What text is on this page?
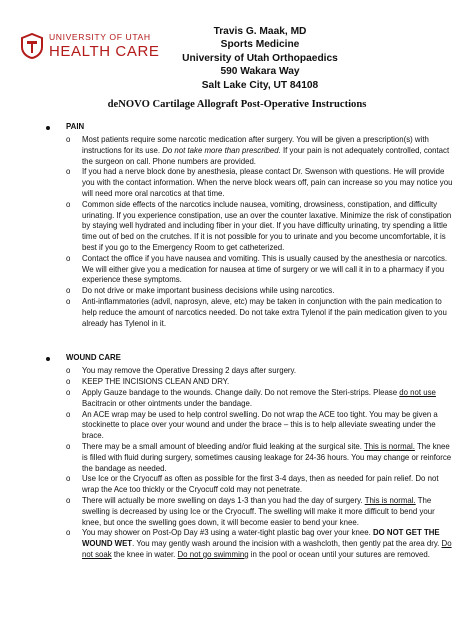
UNIVERSITY OF UTAH
HEALTH CARE
Travis G. Maak, MD
Sports Medicine
University of Utah Orthopaedics
590 Wakara Way
Salt Lake City, UT 84108
deNOVO Cartilage Allograft Post-Operative Instructions
PAIN
o Most patients require some narcotic medication after surgery. You will be given a prescription(s) with instructions for its use. Do not take more than prescribed. If your pain is not adequately controlled, contact the surgeon on call. Phone numbers are provided.
o If you had a nerve block done by anesthesia, please contact Dr. Swenson with questions. He will provide you with the contact information. When the nerve block wears off, pain can increase so you may notice you will need more oral narcotics at that time.
o Common side effects of the narcotics include nausea, vomiting, drowsiness, constipation, and difficulty urinating. If you experience constipation, use an over the counter laxative. Minimize the risk of constipation by staying well hydrated and including fiber in your diet. If you have difficulty urinating, try spending a little time out of bed on the crutches. If it is not possible for you to urinate and you become uncomfortable, it is best if you go to the Emergency Room to get catheterized.
o Contact the office if you have nausea and vomiting. This is usually caused by the anesthesia or narcotics. We will either give you a medication for nausea at time of surgery or we will call it in to a pharmacy if you experience these symptoms.
o Do not drive or make important business decisions while using narcotics.
o Anti-inflammatories (advil, naprosyn, aleve, etc) may be taken in conjunction with the pain medication to help reduce the amount of narcotics needed. Do not take extra Tylenol if the pain medication given to you already has Tylenol in it.
WOUND CARE
o You may remove the Operative Dressing 2 days after surgery.
o KEEP THE INCISIONS CLEAN AND DRY.
o Apply Gauze bandage to the wounds. Change daily. Do not remove the Steri-strips. Please do not use Bacitracin or other ointments under the bandage.
o An ACE wrap may be used to help control swelling. Do not wrap the ACE too tight. You may be given a stockinette to place over your wound and under the brace – this is to help alleviate sweating under the brace.
o There may be a small amount of bleeding and/or fluid leaking at the surgical site. This is normal. The knee is filled with fluid during surgery, sometimes causing leakage for 24-36 hours. You may change or reinforce the bandage as needed.
o Use Ice or the Cryocuff as often as possible for the first 3-4 days, then as needed for pain relief. Do not wrap the Ace too thickly or the Cryocuff cold may not penetrate.
o There will actually be more swelling on days 1-3 than you had the day of surgery. This is normal. The swelling is decreased by using Ice or the Cryocuff. The swelling will make it more difficult to bend your knee, but once the swelling goes down, it will become easier to bend your knee.
o You may shower on Post-Op Day #3 using a water-tight plastic bag over your knee. DO NOT GET THE WOUND WET. You may gently wash around the incision with a washcloth, then gently pat the area dry. Do not soak the knee in water. Do not go swimming in the pool or ocean until your sutures are removed.
